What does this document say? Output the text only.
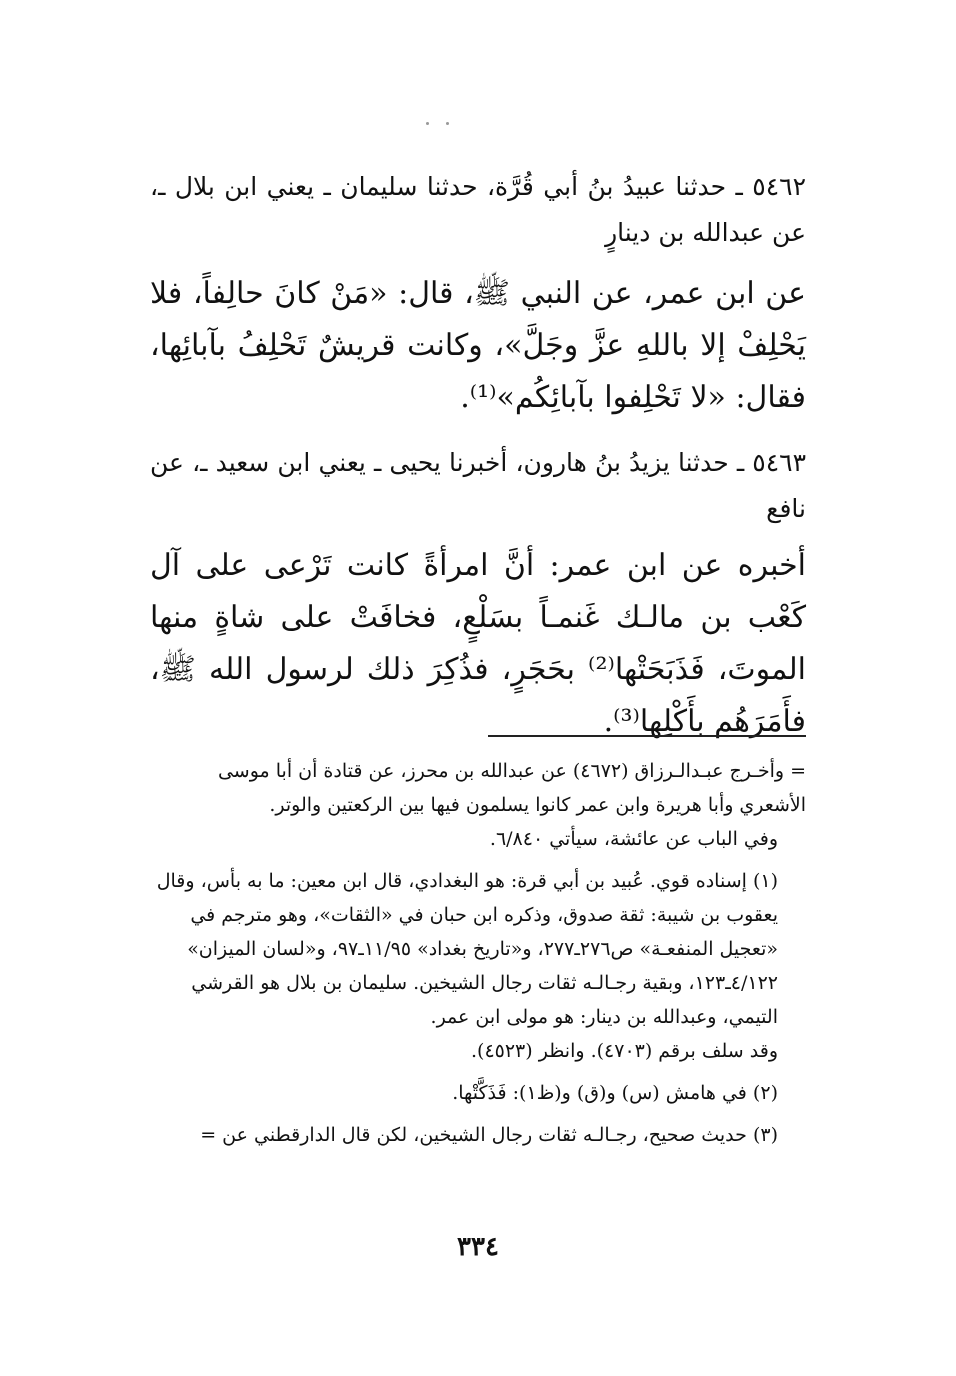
٥٤٦٢ ـ حدثنا عبيدُ بنُ أبي قُرَّة، حدثنا سليمان ـ يعني ابن بلال ـ، عن عبدالله بن دينارٍ
عن ابن عمر، عن النبي ﷺ، قال: «مَنْ كانَ حالِفاً، فلا يَحْلِفْ إلا باللهِ عزَّ وجَلَّ»، وكانت قريشٌ تَحْلِفُ بآبائِها، فقال: «لا تَحْلِفوا بآبائِكُم»⁽¹⁾.
٥٤٦٣ ـ حدثنا يزيدُ بنُ هارون، أخبرنا يحيى ـ يعني ابن سعيد ـ، عن نافع
أخبره عن ابن عمر: أنَّ امرأةً كانت تَرْعى على آل كَعْب بن مالـك غَنمـاً بسَلْعٍ، فخافَتْ على شاةٍ منها الموتَ، فَذَبَحَتْها⁽²⁾ بحَجَرٍ، فذُكِرَ ذلك لرسول الله ﷺ، فأَمَرَهُم بأَكْلِها⁽³⁾.

= وأخـرج عبـدالـرزاق (٤٦٧٢) عن عبدالله بن محرز، عن قتادة أن أبا موسى الأشعري وأبا هريرة وابن عمر كانوا يسلمون فيها بين الركعتين والوتر.

وفي الباب عن عائشة، سيأتي ٦/٨٤٠.

(١) إسناده قوي. عُبيد بن أبي قرة: هو البغدادي، قال ابن معين: ما به بأس، وقال يعقوب بن شيبة: ثقة صدوق، وذكره ابن حبان في «الثقات»، وهو مترجم في «تعجيل المنفعـة» ص٢٧٦ـ٢٧٧، و«تاريخ بغداد» ١١/٩٥ـ٩٧، و«لسان الميزان» ٤/١٢٢ـ١٢٣، وبقية رجـالـه ثقات رجال الشيخين. سليمان بن بلال هو القرشي التيمي، وعبدالله بن دينار: هو مولى ابن عمر.

وقد سلف برقم (٤٧٠٣). وانظر (٤٥٢٣).

(٢) في هامش (س) و(ق) و(ظ١): فَذَكَّتْها.

(٣) حديث صحيح، رجـالـه ثقات رجال الشيخين، لكن قال الدارقطني عن =

٣٣٤
